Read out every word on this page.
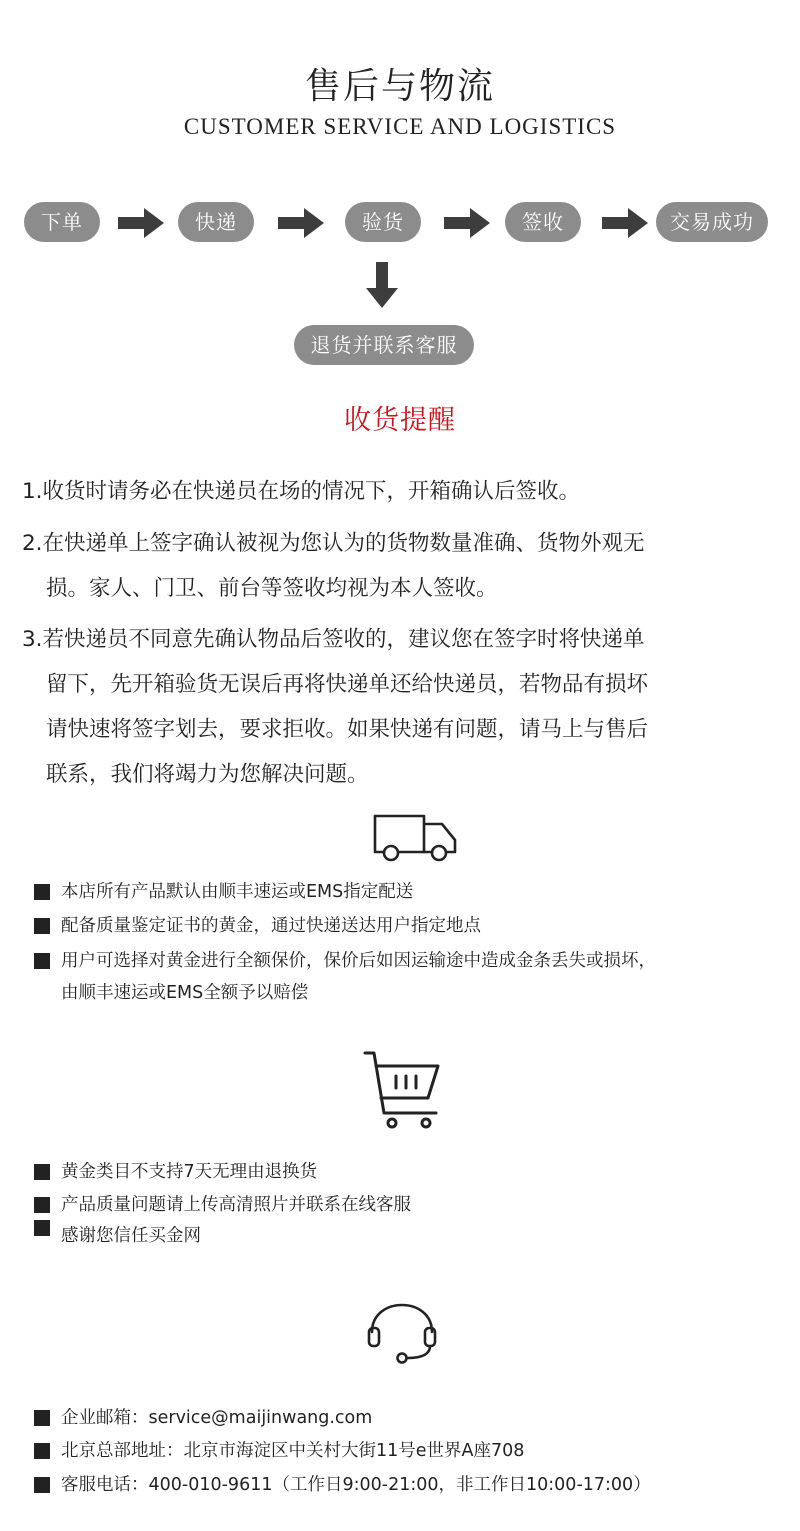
售后与物流
CUSTOMER SERVICE AND LOGISTICS
下单	快递	验货	签收	交易成功
退货并联系客服
收货提醒
1.收货时请务必在快递员在场的情况下，开箱确认后签收。
2.在快递单上签字确认被视为您认为的货物数量准确、货物外观无
损。家人、门卫、前台等签收均视为本人签收。
3.若快递员不同意先确认物品后签收的，建议您在签字时将快递单
留下，先开箱验货无误后再将快递单还给快递员，若物品有损坏
请快速将签字划去，要求拒收。如果快递有问题，请马上与售后
联系，我们将竭力为您解决问题。
本店所有产品默认由顺丰速运或EMS指定配送
配备质量鉴定证书的黄金，通过快递送达用户指定地点
用户可选择对黄金进行全额保价，保价后如因运输途中造成金条丢失或损坏，
由顺丰速运或EMS全额予以赔偿
黄金类目不支持7天无理由退换货
产品质量问题请上传高清照片并联系在线客服
感谢您信任买金网
企业邮箱：service@maijinwang.com
北京总部地址：北京市海淀区中关村大街11号e世界A座708
客服电话：400-010-9611（工作日9:00-21:00，非工作日10:00-17:00）
